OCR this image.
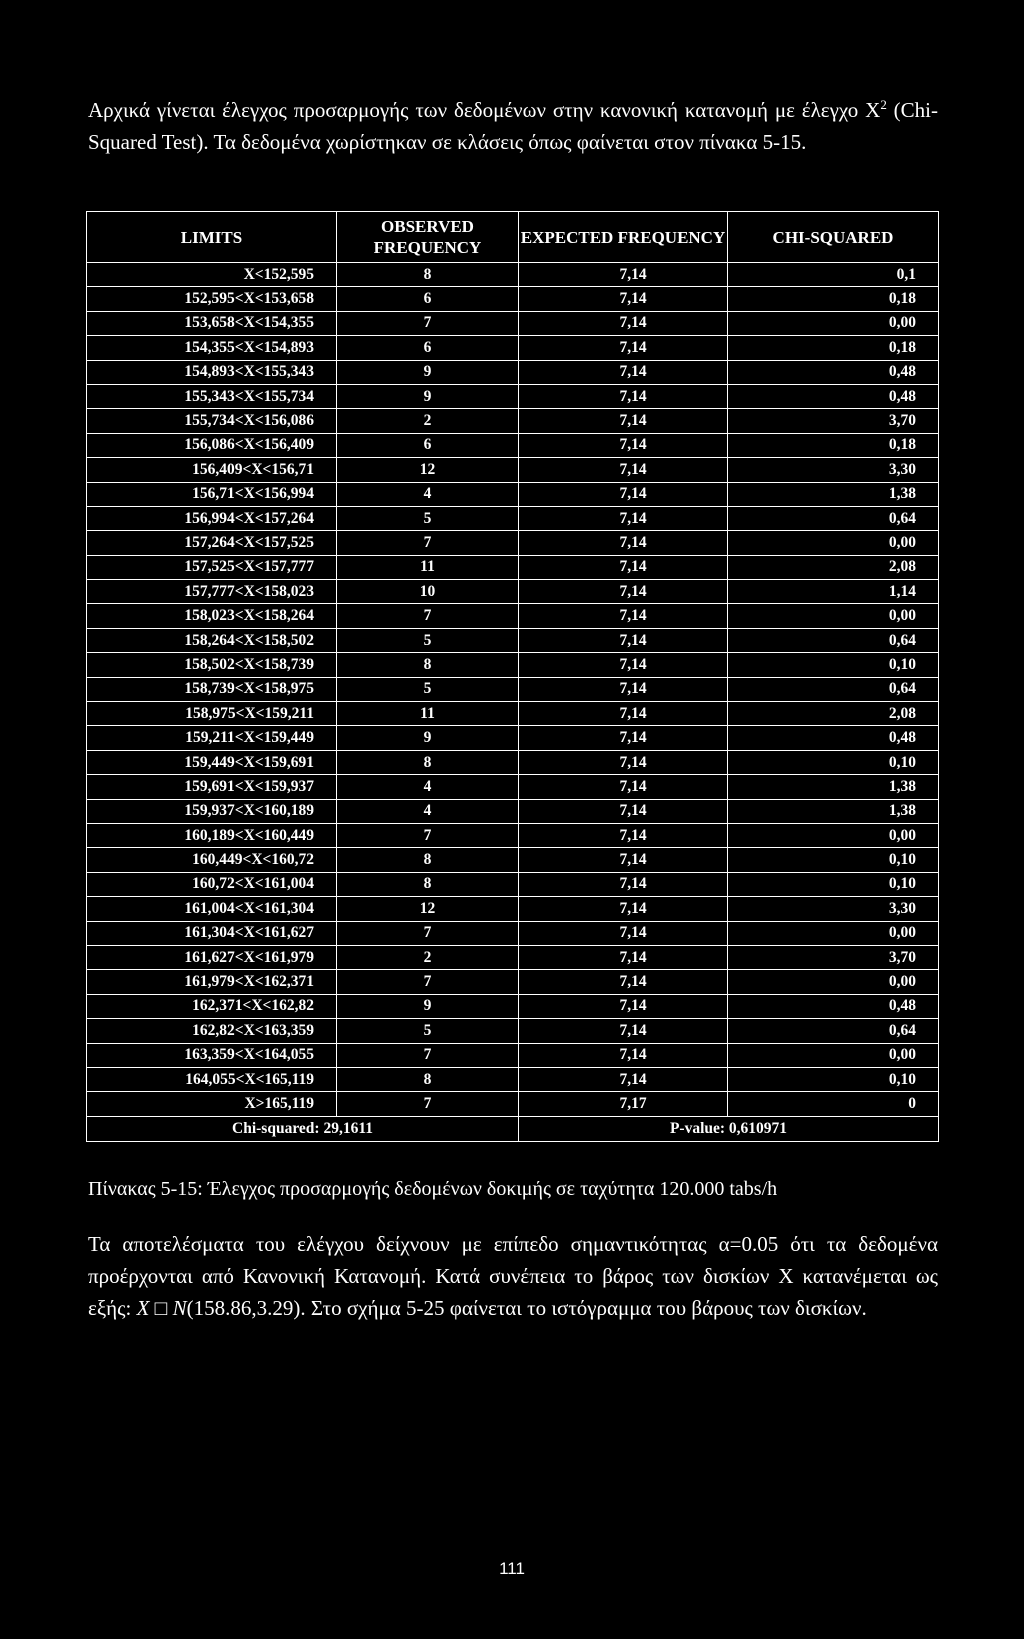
Αρχικά γίνεται έλεγχος προσαρμογής των δεδομένων στην κανονική κατανομή με έλεγχο $X^2$ (Chi-Squared Test). Τα δεδομένα χωρίστηκαν σε κλάσεις όπως φαίνεται στον πίνακα 5-15.

LIMITS	OBSERVED FREQUENCY	EXPECTED FREQUENCY	CHI-SQUARED
X<152,595	8	7,14	0,1
152,595<X<153,658	6	7,14	0,18
153,658<X<154,355	7	7,14	0,00
154,355<X<154,893	6	7,14	0,18
154,893<X<155,343	9	7,14	0,48
155,343<X<155,734	9	7,14	0,48
155,734<X<156,086	2	7,14	3,70
156,086<X<156,409	6	7,14	0,18
156,409<X<156,71	12	7,14	3,30
156,71<X<156,994	4	7,14	1,38
156,994<X<157,264	5	7,14	0,64
157,264<X<157,525	7	7,14	0,00
157,525<X<157,777	11	7,14	2,08
157,777<X<158,023	10	7,14	1,14
158,023<X<158,264	7	7,14	0,00
158,264<X<158,502	5	7,14	0,64
158,502<X<158,739	8	7,14	0,10
158,739<X<158,975	5	7,14	0,64
158,975<X<159,211	11	7,14	2,08
159,211<X<159,449	9	7,14	0,48
159,449<X<159,691	8	7,14	0,10
159,691<X<159,937	4	7,14	1,38
159,937<X<160,189	4	7,14	1,38
160,189<X<160,449	7	7,14	0,00
160,449<X<160,72	8	7,14	0,10
160,72<X<161,004	8	7,14	0,10
161,004<X<161,304	12	7,14	3,30
161,304<X<161,627	7	7,14	0,00
161,627<X<161,979	2	7,14	3,70
161,979<X<162,371	7	7,14	0,00
162,371<X<162,82	9	7,14	0,48
162,82<X<163,359	5	7,14	0,64
163,359<X<164,055	7	7,14	0,00
164,055<X<165,119	8	7,14	0,10
X>165,119	7	7,17	0
Chi-squared: 29,1611		P-value: 0,610971	

Πίνακας 5-15: Έλεγχος προσαρμογής δεδομένων δοκιμής σε ταχύτητα 120.000 tabs/h

Τα αποτελέσματα του ελέγχου δείχνουν με επίπεδο σημαντικότητας α=0.05 ότι τα δεδομένα προέρχονται από Κανονική Κατανομή. Κατά συνέπεια το βάρος των δισκίων Χ κατανέμεται ως εξής: X □ N(158.86,3.29). Στο σχήμα 5-25 φαίνεται το ιστόγραμμα του βάρους των δισκίων.

111
